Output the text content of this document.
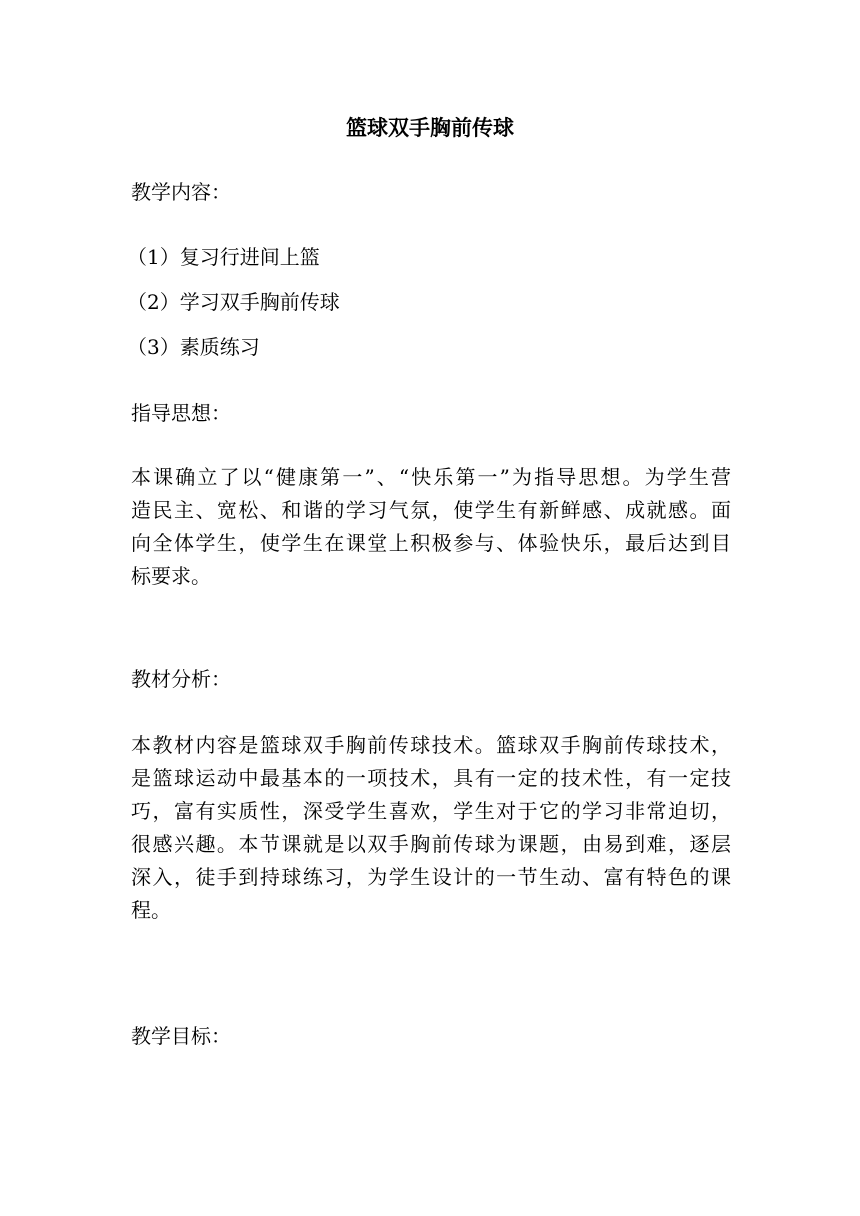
篮球双手胸前传球
教学内容：
（1）复习行进间上篮
（2）学习双手胸前传球
（3）素质练习
指导思想：
本课确立了以“健康第一”、“快乐第一”为指导思想。为学生营
造民主、宽松、和谐的学习气氛，使学生有新鲜感、成就感。面
向全体学生，使学生在课堂上积极参与、体验快乐，最后达到目
标要求。
教材分析：
本教材内容是篮球双手胸前传球技术。篮球双手胸前传球技术，
是篮球运动中最基本的一项技术，具有一定的技术性，有一定技
巧，富有实质性，深受学生喜欢，学生对于它的学习非常迫切，
很感兴趣。本节课就是以双手胸前传球为课题，由易到难，逐层
深入，徒手到持球练习，为学生设计的一节生动、富有特色的课
程。
教学目标：
